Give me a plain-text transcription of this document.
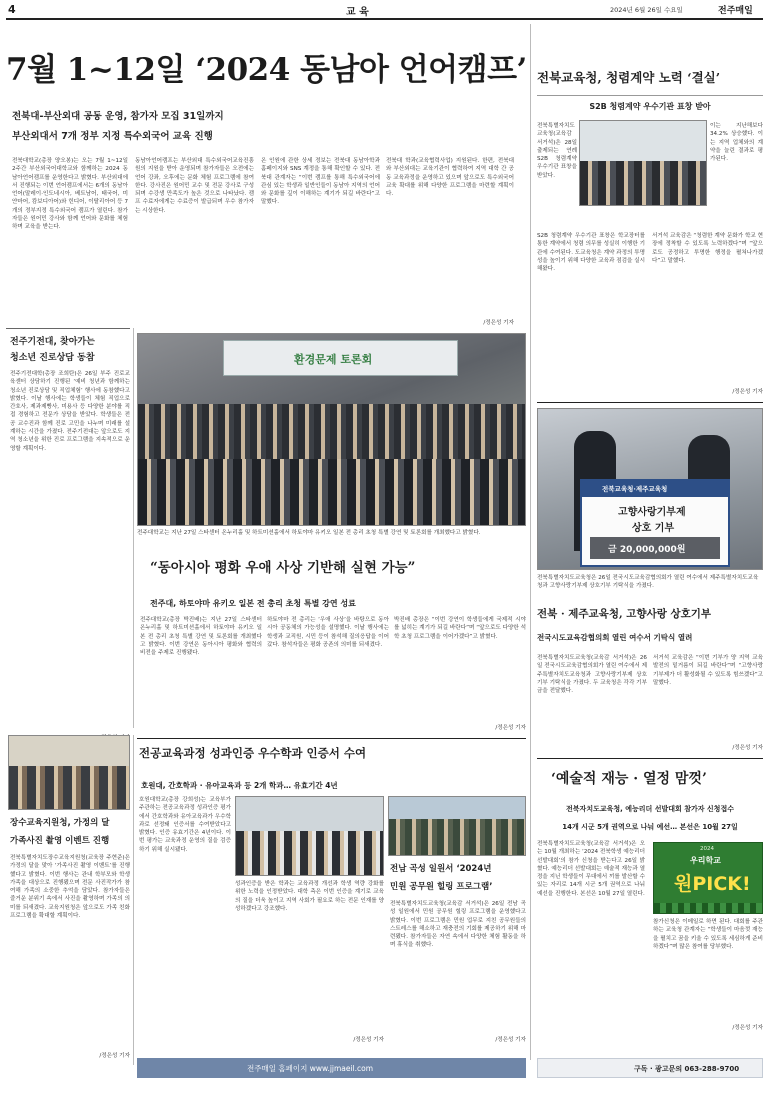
4	교 육	2024년 6월 26일 수요일	전주매일
7월 1~12일 ‘2024 동남아 언어캠프’
전북대-부산외대 공동 운영, 참가자 모집 31일까지
부산외대서 7개 정부 지정 특수외국어 교육 진행
전북대학교(총장 양오봉)는 오는 7월 1~12일 2주간 부산외국어대학교와 함께하는 2024 동남아언어캠프를 운영한다고 밝혔다. 부산외대에서 진행되는 이번 언어캠프에서는 6개의 동남아언어(말레이·인도네시아, 베트남어, 태국어, 미얀마어, 캄보디아어)와 힌디어, 이탈리아어 등 7개의 정부지정 특수외국어 캠프가 열린다. 참가자들은 원어민 강사와 함께 언어와 문화를 체험하며 교육을 받는다.
동남아언어캠프는 부산외대 특수외국어교육진흥원의 지원을 받아 운영되며 참가자들은 오전에는 언어 강좌, 오후에는 문화 체험 프로그램에 참여한다. 강사진은 원어민 교수 및 전문 강사로 구성되며 수강생 만족도가 높은 것으로 나타났다. 캠프 수료자에게는 수료증이 발급되며 우수 참가자는 시상한다.
온 인원에 관한 상세 정보는 전북대 동남아학과 홈페이지와 SNS 계정을 통해 확인할 수 있다. 전북대 관계자는 “이번 캠프를 통해 특수외국어에 관심 있는 학생과 일반인들이 동남아 지역의 언어와 문화를 깊이 이해하는 계기가 되길 바란다”고 말했다.
전북대 학과(교육협력사업) 지원된다. 한편, 전북대와 부산외대는 교육기관이 협력하여 지역 대학 간 공동 교육과정을 운영하고 있으며 앞으로도 특수외국어 교육 확대를 위해 다양한 프로그램을 마련할 계획이다.
/정은성 기자
전주기전대, 찾아가는
청소년 진로상담 동참
전주기전대학(총장 조희탄)은 26일 부주 진로교육센터 상담하기 진행된 ‘예비 청년과 함께하는 청소년 진로상담 및 직업체험’ 행사에 동참했다고 밝혔다. 이날 행사에는 학생들이 체험 직업으로 간호사, 제과제빵사, 미용사 등 다양한 분야를 직접 경험하고 전문가 상담을 받았다. 학생들은 전공 교수진과 함께 진로 고민을 나누며 미래를 설계하는 시간을 가졌다. 전주기전대는 앞으로도 지역 청소년을 위한 진로 프로그램을 지속적으로 운영할 계획이다.
환경문제 토론회
전주대학교는 지난 27일 스타센터 온누리홀 및 하트미션홀에서 하토야마 유키오 일본 전 총리 초청 특별 강연 및 토론회를 개최했다고 밝혔다.
“동아시아 평화 우애 사상 기반해 실현 가능”
전주대, 하토야마 유키오 일본 전 총리 초청 특별 강연 성료
전주대학교(총장 박진배)는 지난 27일 스타센터 온누리홀 및 하트미션홀에서 하토야마 유키오 일본 전 총리 초청 특별 강연 및 토론회를 개최했다고 밝혔다. 이번 강연은 동아시아 평화와 협력의 비전을 주제로 진행됐다.
하토야마 전 총리는 ‘우애 사상’을 바탕으로 동아시아 공동체의 가능성을 설명했다. 이날 행사에는 학생과 교직원, 시민 등이 참석해 질의응답을 이어갔다. 참석자들은 평화 공존의 의미를 되새겼다.
박진배 총장은 “이번 강연이 학생들에게 국제적 시야를 넓히는 계기가 되길 바란다”며 “앞으로도 다양한 석학 초청 프로그램을 이어가겠다”고 밝혔다.
/정은성 기자
전북교육청, 청렴계약 노력 ‘결실’
S2B 청렴계약 우수기관 표창 받아
전북특별자치도교육청(교육감 서거석)은 28일 출제되는 연례 S2B 청렴계약 우수기관 표창을 받았다.
이는 지난해보다 34.2% 상승했다. 이는 지역 업체와의 계약을 늘린 결과로 평가된다.
S2B 청렴계약 우수기관 표창은 학교장터를 통한 계약에서 청렴 의무를 성실히 이행한 기관에 수여된다. 도교육청은 계약 과정의 투명성을 높이기 위해 다양한 교육과 점검을 실시해왔다.
서거석 교육감은 “청렴한 계약 문화가 학교 현장에 정착할 수 있도록 노력하겠다”며 “앞으로도 공정하고 투명한 행정을 펼쳐나가겠다”고 말했다.
/정은성 기자
전북교육청·제주교육청
고향사랑기부제
상호 기부
금 20,000,000원
전북특별자치도교육청은 26일 전국시도교육감협의회가 열린 여수에서 제주특별자치도교육청과 고향사랑기부제 상호기부 기탁식을 가졌다.
전북 · 제주교육청, 고향사랑 상호기부
전국시도교육감협의회 열린 여수서 기탁식 열려
전북특별자치도교육청(교육감 서거석)은 26일 전국시도교육감협의회가 열린 여수에서 제주특별자치도교육청과 고향사랑기부제 상호기부 기탁식을 가졌다. 두 교육청은 각각 기부금을 전달했다.
서거석 교육감은 “이번 기부가 양 지역 교육 발전의 밑거름이 되길 바란다”며 “고향사랑기부제가 더 활성화될 수 있도록 힘쓰겠다”고 말했다.
/정은성 기자
‘예술적 재능 · 열정 맘껏’
전북자치도교육청, 예능리더 선발대회 참가자 신청접수
14개 시군 5개 권역으로 나눠 예선… 본선은 10월 27일
전북특별자치도교육청(교육감 서거석)은 오는 10월 개최하는 ‘2024 전북학생 예능리더 선발대회’의 참가 신청을 받는다고 26일 밝혔다. 예능리더 선발대회는 예술적 재능과 열정을 지닌 학생들이 무대에서 끼를 발산할 수 있는 자리로 14개 시군 5개 권역으로 나눠 예선을 진행한다. 본선은 10월 27일 열린다.
2024
우리학교
원PICK!
참가신청은 이메일로 하면 된다. 대회를 주관하는 교육청 관계자는 “학생들이 마음껏 재능을 펼치고 꿈을 키울 수 있도록 세심하게 준비하겠다”며 많은 참여를 당부했다.
/정은성 기자
장수교육지원청, 가정의 달
가족사진 촬영 이벤트 진행
전북특별자치도장수교육지원청(교육장 주현준)은 가정의 달을 맞아 ‘가족사진 촬영 이벤트’를 진행했다고 밝혔다. 이번 행사는 관내 학부모와 학생 가족을 대상으로 진행됐으며 전문 사진작가가 참여해 가족의 소중한 추억을 담았다. 참가자들은 즐거운 분위기 속에서 사진을 촬영하며 가족의 의미를 되새겼다. 교육지원청은 앞으로도 가족 친화 프로그램을 확대할 계획이다.
/정은성 기자
전공교육과정 성과인증 우수학과 인증서 수여
호원대, 간호학과 · 유아교육과 등 2개 학과… 유효기간 4년
호원대학교(총장 강희성)는 교육부가 주관하는 전공교육과정 성과인증 평가에서 간호학과와 유아교육과가 우수학과로 선정돼 인증서를 수여받았다고 밝혔다. 인증 유효기간은 4년이다. 이번 평가는 교육과정 운영의 질을 검증하기 위해 실시됐다.
성과인증을 받은 학과는 교육과정 개선과 학생 역량 강화를 위한 노력을 인정받았다. 대학 측은 이번 인증을 계기로 교육의 질을 더욱 높이고 지역 사회가 필요로 하는 전문 인재를 양성하겠다고 강조했다.
/정은성 기자
전남 곡성 일원서 ‘2024년
민원 공무원 힐링 프로그램’
전북특별자치도교육청(교육감 서거석)은 26일 전남 곡성 일원에서 민원 공무원 힐링 프로그램을 운영했다고 밝혔다. 이번 프로그램은 민원 업무로 지친 공무원들의 스트레스를 해소하고 재충전의 기회를 제공하기 위해 마련됐다. 참가자들은 자연 속에서 다양한 체험 활동을 하며 휴식을 취했다.
/정은성 기자
전주매일 홈페이지 www.jjmaeil.com	구독 · 광고문의 063-288-9700
